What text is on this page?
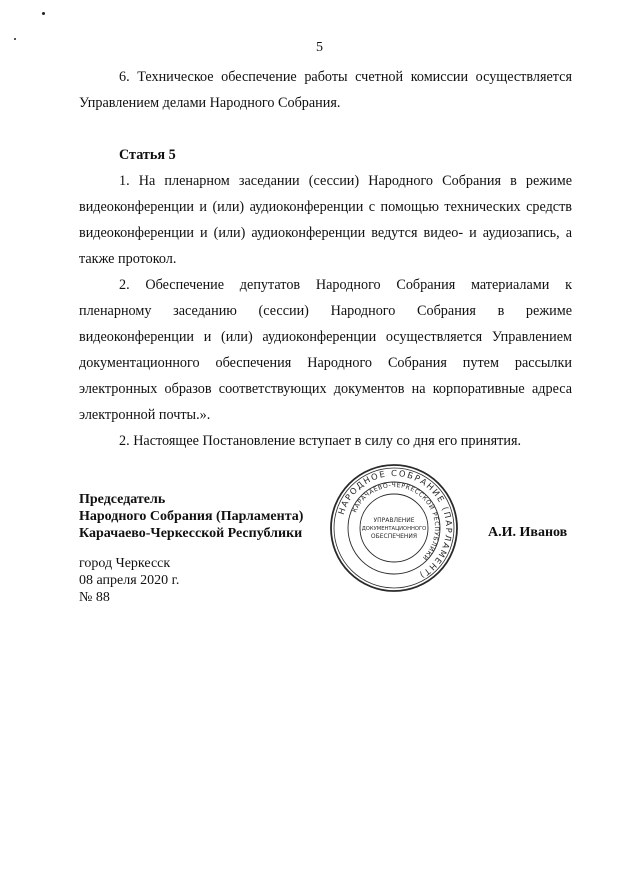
5

6. Техническое обеспечение работы счетной комиссии осуществляется Управлением делами Народного Собрания.

Статья 5

1. На пленарном заседании (сессии) Народного Собрания в режиме видеоконференции и (или) аудиоконференции с помощью технических средств видеоконференции и (или) аудиоконференции ведутся видео- и аудиозапись, а также протокол.

2. Обеспечение депутатов Народного Собрания материалами к пленарному заседанию (сессии) Народного Собрания в режиме видеоконференции и (или) аудиоконференции осуществляется Управлением документационного обеспечения Народного Собрания путем рассылки электронных образов соответствующих документов на корпоративные адреса электронной почты.».

2. Настоящее Постановление вступает в силу со дня его принятия.

Председатель
Народного Собрания (Парламента)
Карачаево-Черкесской Республики	А.И. Иванов
город Черкесск
08 апреля 2020 г.
№ 88
НАРОДНОЕ СОБРАНИЕ (ПАРЛАМЕНТ)
КАРАЧАЕВО-ЧЕРКЕССКОЙ РЕСПУБЛИКИ
УПРАВЛЕНИЕ
ДОКУМЕНТАЦИОННОГО
ОБЕСПЕЧЕНИЯ
